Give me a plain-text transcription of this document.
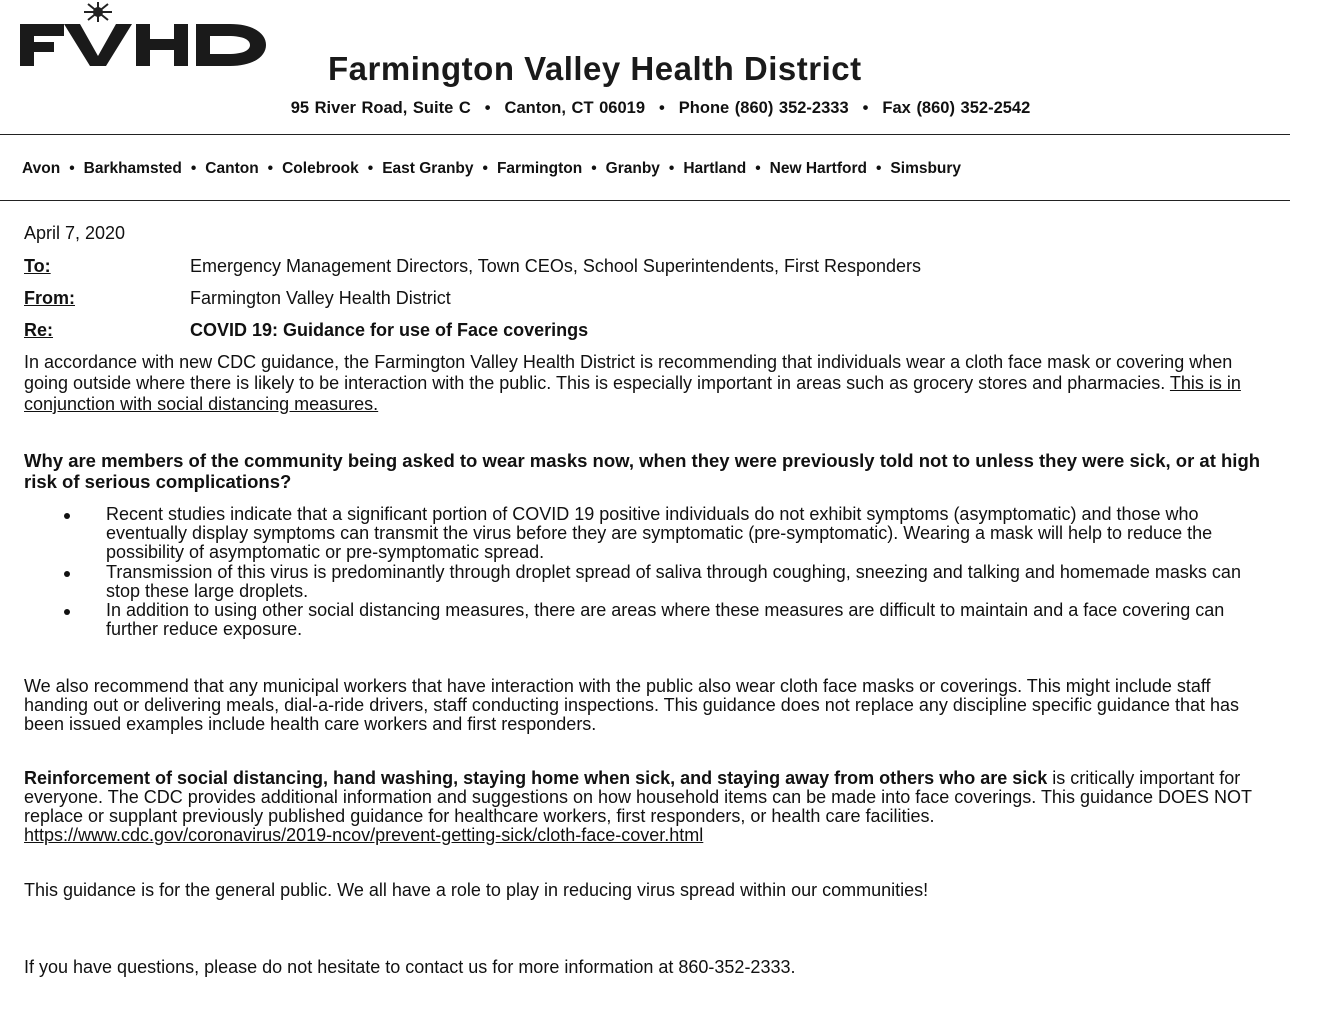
FVHD
Farmington Valley Health District
95 River Road, Suite C • Canton, CT 06019 • Phone (860) 352-2333 • Fax (860) 352-2542
Avon • Barkhamsted • Canton • Colebrook • East Granby • Farmington • Granby • Hartland • New Hartford • Simsbury
April 7, 2020
To:	Emergency Management Directors, Town CEOs, School Superintendents, First Responders
From:	Farmington Valley Health District
Re:	COVID 19: Guidance for use of Face coverings
In accordance with new CDC guidance, the Farmington Valley Health District is recommending that individuals wear a cloth face mask or covering when going outside where there is likely to be interaction with the public. This is especially important in areas such as grocery stores and pharmacies. This is in conjunction with social distancing measures.
Why are members of the community being asked to wear masks now, when they were previously told not to unless they were sick, or at high risk of serious complications?
Recent studies indicate that a significant portion of COVID 19 positive individuals do not exhibit symptoms (asymptomatic) and those who eventually display symptoms can transmit the virus before they are symptomatic (pre-symptomatic). Wearing a mask will help to reduce the possibility of asymptomatic or pre-symptomatic spread.
Transmission of this virus is predominantly through droplet spread of saliva through coughing, sneezing and talking and homemade masks can stop these large droplets.
In addition to using other social distancing measures, there are areas where these measures are difficult to maintain and a face covering can further reduce exposure.
We also recommend that any municipal workers that have interaction with the public also wear cloth face masks or coverings. This might include staff handing out or delivering meals, dial-a-ride drivers, staff conducting inspections. This guidance does not replace any discipline specific guidance that has been issued examples include health care workers and first responders.
Reinforcement of social distancing, hand washing, staying home when sick, and staying away from others who are sick is critically important for everyone. The CDC provides additional information and suggestions on how household items can be made into face coverings. This guidance DOES NOT replace or supplant previously published guidance for healthcare workers, first responders, or health care facilities.
https://www.cdc.gov/coronavirus/2019-ncov/prevent-getting-sick/cloth-face-cover.html
This guidance is for the general public. We all have a role to play in reducing virus spread within our communities!
If you have questions, please do not hesitate to contact us for more information at 860-352-2333.
